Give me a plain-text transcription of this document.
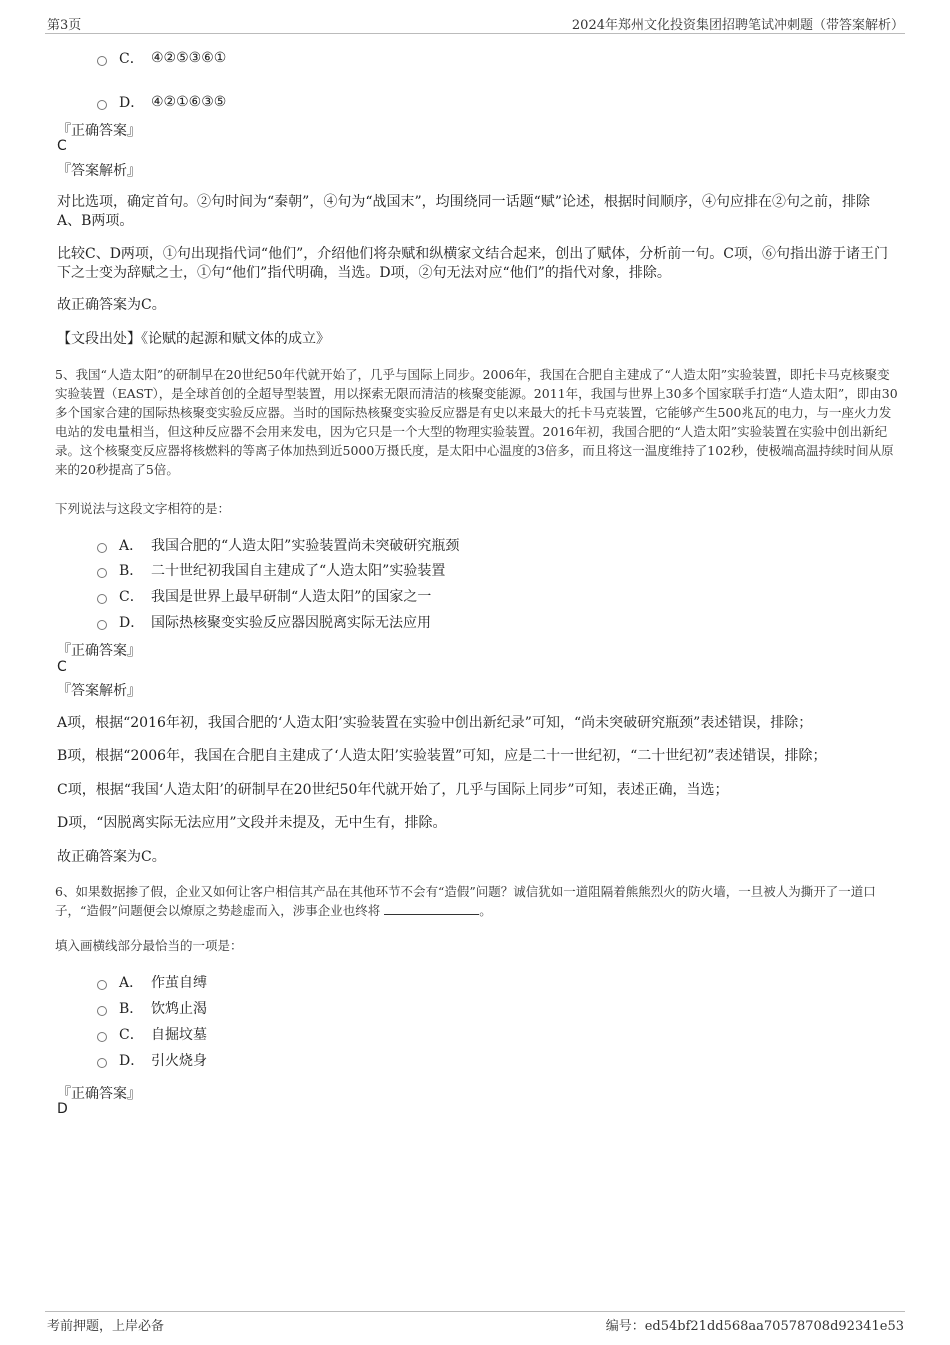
第3页	2024年郑州文化投资集团招聘笔试冲刺题（带答案解析）
C． ④②⑤③⑥①
D． ④②①⑥③⑤
『正确答案』
C
『答案解析』
对比选项，确定首句。②句时间为“秦朝”，④句为“战国末”，均围绕同一话题“赋”论述，根据时间顺序，④句应排在②句之前，排除A、B两项。
比较C、D两项，①句出现指代词“他们”，介绍他们将杂赋和纵横家文结合起来，创出了赋体，分析前一句。C项，⑥句指出游于诸王门下之士变为辞赋之士，①句“他们”指代明确，当选。D项，②句无法对应“他们”的指代对象，排除。
故正确答案为C。
【文段出处】《论赋的起源和赋文体的成立》
5、我国“人造太阳”的研制早在20世纪50年代就开始了，几乎与国际上同步。2006年，我国在合肥自主建成了“人造太阳”实验装置，即托卡马克核聚变实验装置（EAST），是全球首创的全超导型装置，用以探索无限而清洁的核聚变能源。2011年，我国与世界上30多个国家联手打造“人造太阳”，即由30多个国家合建的国际热核聚变实验反应器。当时的国际热核聚变实验反应器是有史以来最大的托卡马克装置，它能够产生500兆瓦的电力，与一座火力发电站的发电量相当，但这种反应器不会用来发电，因为它只是一个大型的物理实验装置。2016年初，我国合肥的“人造太阳”实验装置在实验中创出新纪录。这个核聚变反应器将核燃料的等离子体加热到近5000万摄氏度，是太阳中心温度的3倍多，而且将这一温度维持了102秒，使极端高温持续时间从原来的20秒提高了5倍。
下列说法与这段文字相符的是：
A． 我国合肥的“人造太阳”实验装置尚未突破研究瓶颈
B． 二十世纪初我国自主建成了“人造太阳”实验装置
C． 我国是世界上最早研制“人造太阳”的国家之一
D． 国际热核聚变实验反应器因脱离实际无法应用
『正确答案』
C
『答案解析』
A项，根据“2016年初，我国合肥的‘人造太阳’实验装置在实验中创出新纪录”可知，“尚未突破研究瓶颈”表述错误，排除；
B项，根据“2006年，我国在合肥自主建成了‘人造太阳’实验装置”可知，应是二十一世纪初，“二十世纪初”表述错误，排除；
C项，根据“我国‘人造太阳’的研制早在20世纪50年代就开始了，几乎与国际上同步”可知，表述正确，当选；
D项，“因脱离实际无法应用”文段并未提及，无中生有，排除。
故正确答案为C。
6、如果数据掺了假，企业又如何让客户相信其产品在其他环节不会有“造假”问题？诚信犹如一道阻隔着熊熊烈火的防火墙，一旦被人为撕开了一道口子，“造假”问题便会以燎原之势趁虚而入，涉事企业也终将	。
填入画横线部分最恰当的一项是：
A． 作茧自缚
B． 饮鸩止渴
C． 自掘坟墓
D． 引火烧身
『正确答案』
D
考前押题，上岸必备	编号：ed54bf21dd568aa70578708d92341e53
